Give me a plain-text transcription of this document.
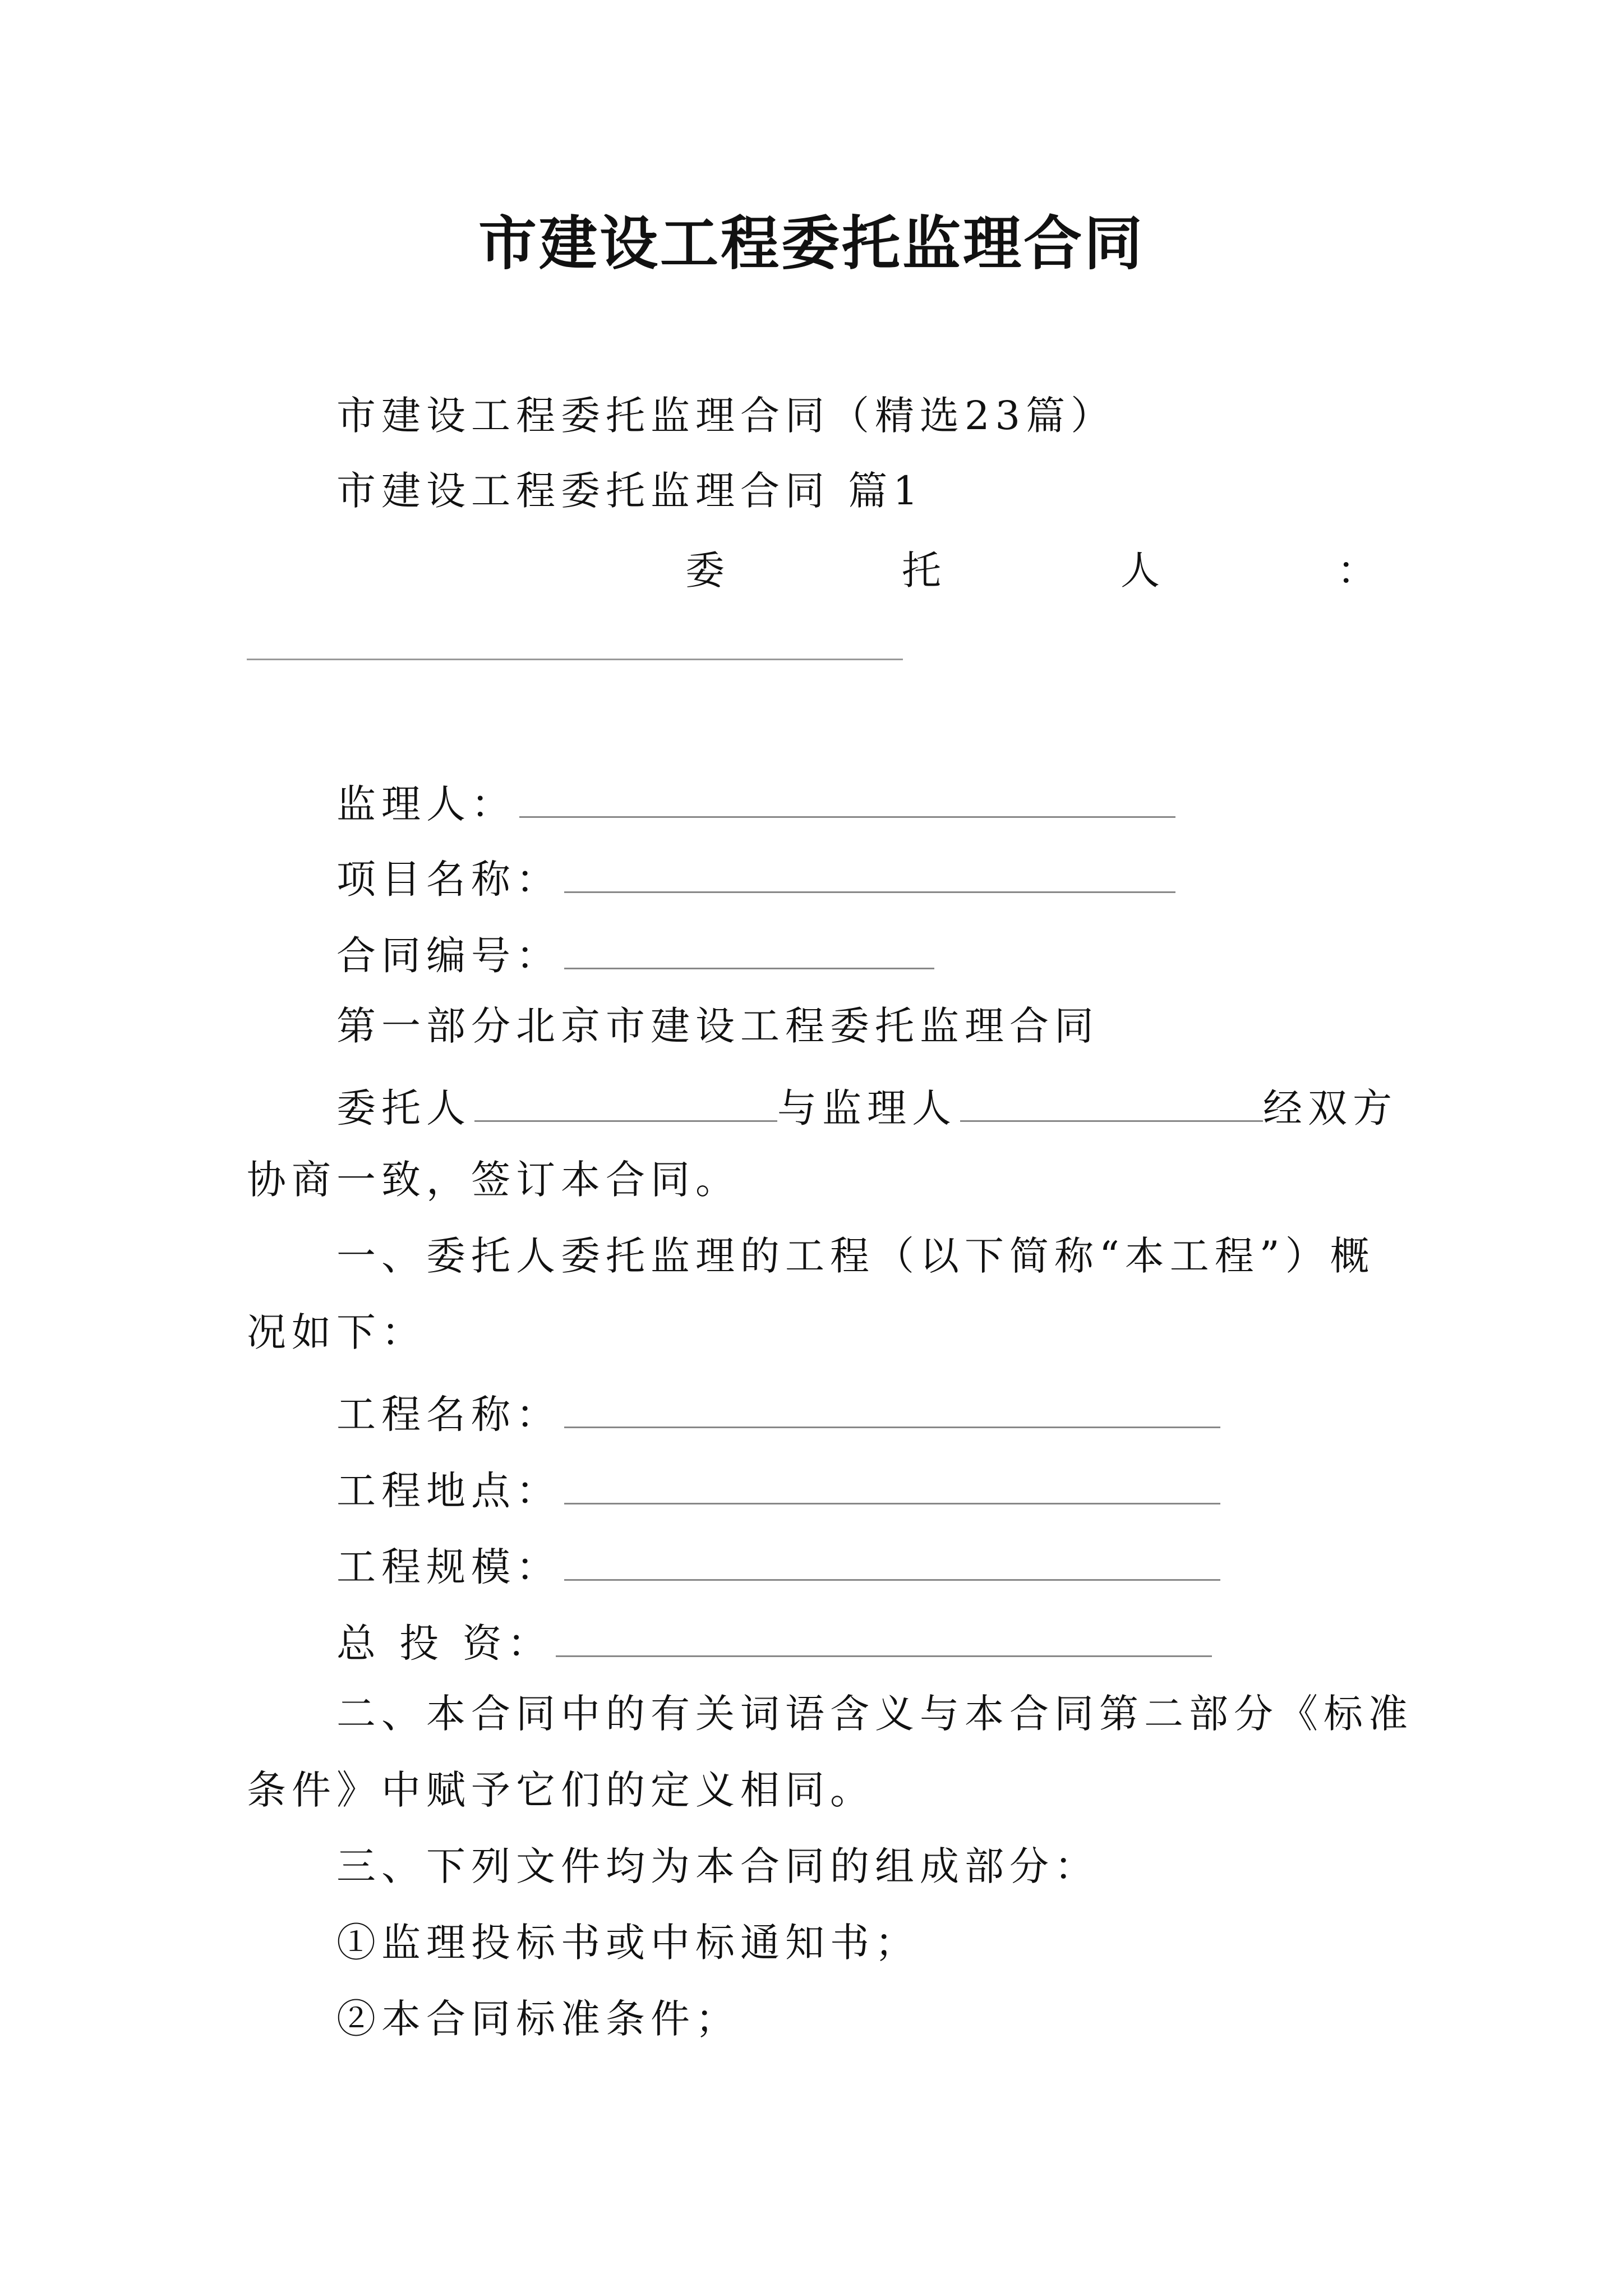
市建设工程委托监理合同
市建设工程委托监理合同（精选23篇）
市建设工程委托监理合同 篇1
委	托	人	：
监理人：
项目名称：
合同编号：
第一部分北京市建设工程委托监理合同
委托人	与监理人	经双方
协商一致，签订本合同。
一、委托人委托监理的工程（以下简称“本工程”）概
况如下：
工程名称：
工程地点：
工程规模：
总 投 资：
二、本合同中的有关词语含义与本合同第二部分《标准
条件》中赋予它们的定义相同。
三、下列文件均为本合同的组成部分：
①监理投标书或中标通知书；
②本合同标准条件；
